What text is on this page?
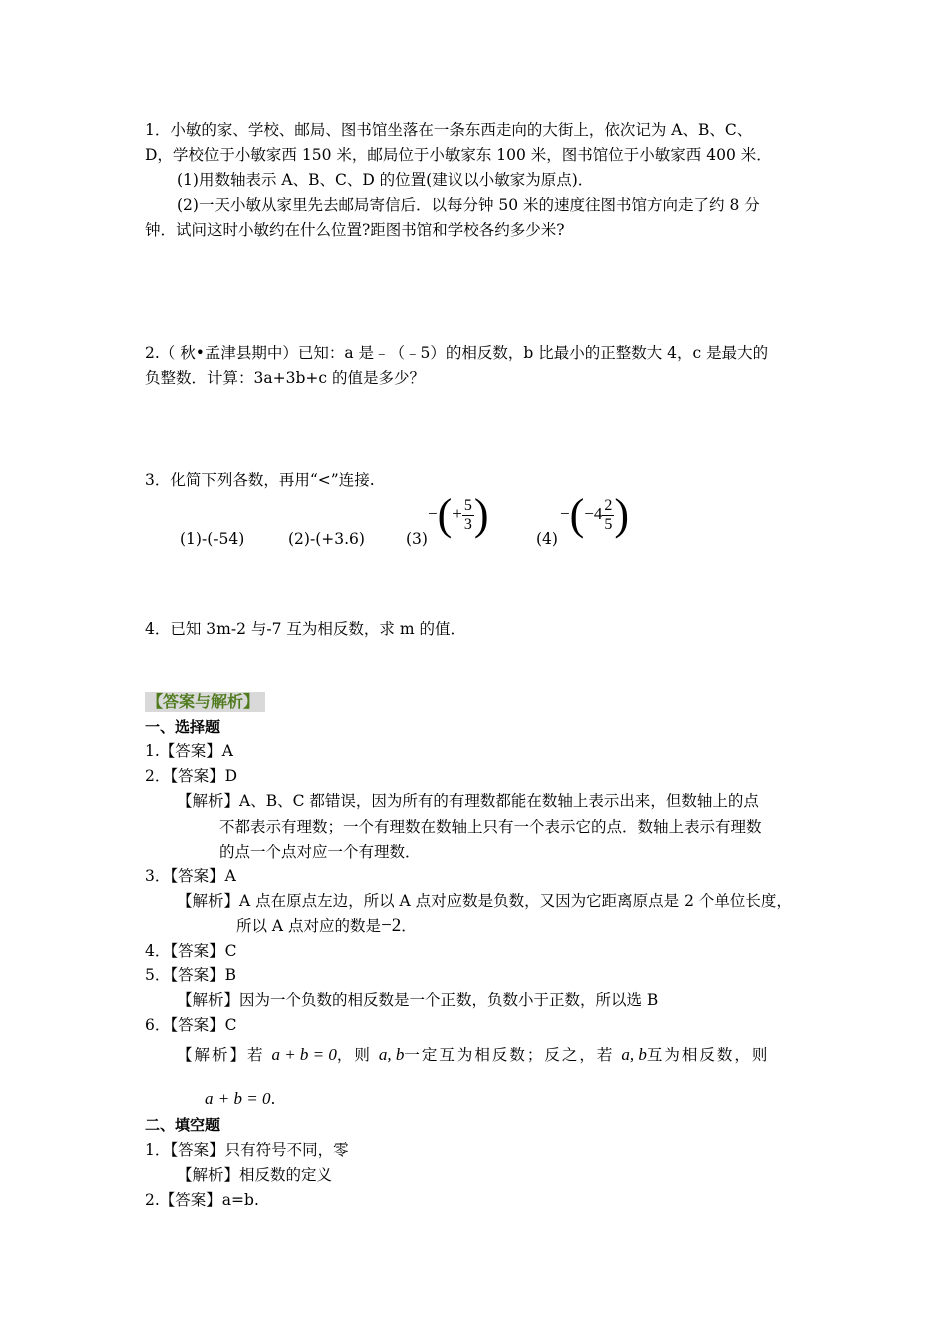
1．小敏的家、学校、邮局、图书馆坐落在一条东西走向的大街上，依次记为 A、B、C、
D，学校位于小敏家西 150 米，邮局位于小敏家东 100 米，图书馆位于小敏家西 400 米．
(1)用数轴表示 A、B、C、D 的位置(建议以小敏家为原点)．
(2)一天小敏从家里先去邮局寄信后．以每分钟 50 米的速度往图书馆方向走了约 8 分
钟．试问这时小敏约在什么位置?距图书馆和学校各约多少米?
2.（ 秋•孟津县期中）已知：a 是﹣（﹣5）的相反数，b 比最小的正整数大 4，c 是最大的
负整数．计算：3a+3b+c 的值是多少？
3．化简下列各数，再用“<”连接.
(1)-(-54)	(2)-(+3.6)	(3)
−(+ $\frac{5}{3}$ )	(4)
$-(-4 \frac{2}{5}$ )
4．已知 3m-2 与-7 互为相反数，求 m 的值．
【答案与解析】
一、选择题
1.【答案】A
2．【答案】D
【解析】A、B、C 都错误，因为所有的有理数都能在数轴上表示出来，但数轴上的点
不都表示有理数；一个有理数在数轴上只有一个表示它的点．数轴上表示有理数
的点一个点对应一个有理数．
3．【答案】A
【解析】A 点在原点左边，所以 A 点对应数是负数，又因为它距离原点是 2 个单位长度，
所以 A 点对应的数是−2．
4．【答案】C
5．【答案】B
【解析】因为一个负数的相反数是一个正数，负数小于正数，所以选 B
6．【答案】C
【解析】若 a + b = 0，则 a, b一定互为相反数；反之，若 a, b互为相反数，则
a + b = 0.
二、填空题
1．【答案】只有符号不同，零
【解析】相反数的定义
2.【答案】a=b.
